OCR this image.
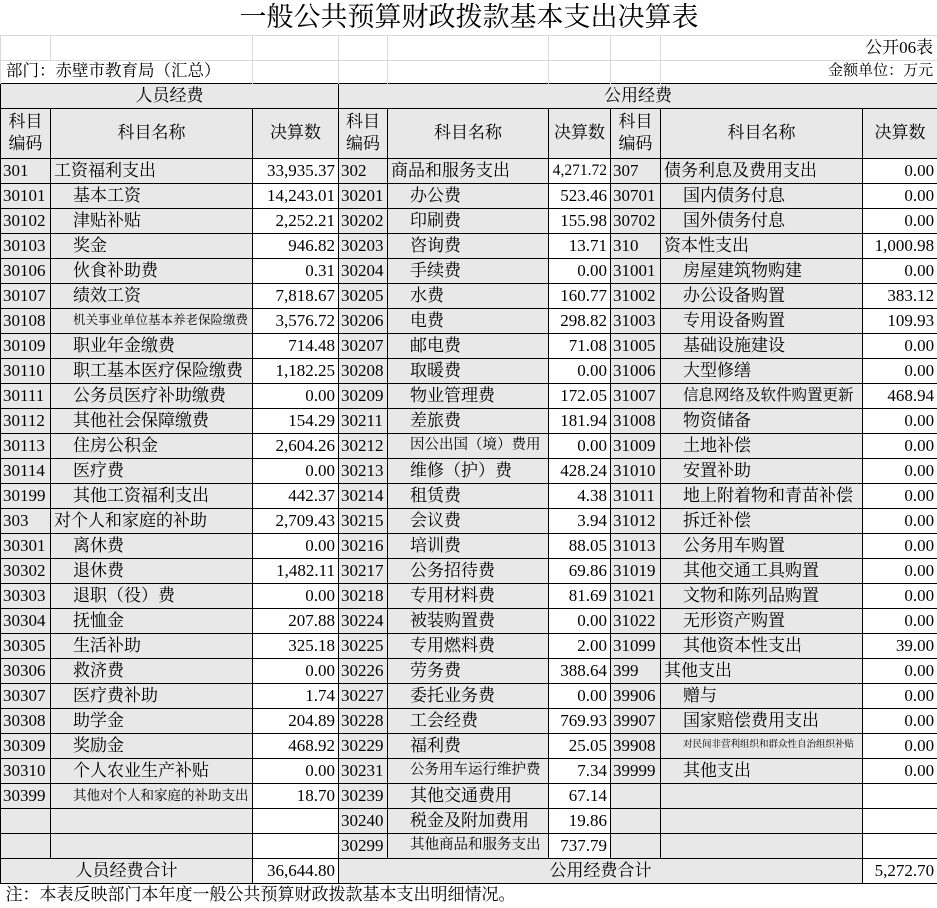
一般公共预算财政拨款基本支出决算表								
							公开06表	
部门：赤壁市教育局（汇总）							金额单位：万元	
人员经费			公用经费					

科目编码	科目名称	决算数	科目编码	科目名称	决算数	科目编码	科目名称	决算数
301	工资福利支出	33,935.37	302	商品和服务支出	4,271.72	307	债务利息及费用支出	0.00
30101	基本工资	14,243.01	30201	办公费	523.46	30701	国内债务付息	0.00
30102	津贴补贴	2,252.21	30202	印刷费	155.98	30702	国外债务付息	0.00
30103	奖金	946.82	30203	咨询费	13.71	310	资本性支出	1,000.98
30106	伙食补助费	0.31	30204	手续费	0.00	31001	房屋建筑物购建	0.00
30107	绩效工资	7,818.67	30205	水费	160.77	31002	办公设备购置	383.12
30108	机关事业单位基本养老保险缴费	3,576.72	30206	电费	298.82	31003	专用设备购置	109.93
30109	职业年金缴费	714.48	30207	邮电费	71.08	31005	基础设施建设	0.00
30110	职工基本医疗保险缴费	1,182.25	30208	取暖费	0.00	31006	大型修缮	0.00
30111	公务员医疗补助缴费	0.00	30209	物业管理费	172.05	31007	信息网络及软件购置更新	468.94
30112	其他社会保障缴费	154.29	30211	差旅费	181.94	31008	物资储备	0.00
30113	住房公积金	2,604.26	30212	因公出国（境）费用	0.00	31009	土地补偿	0.00
30114	医疗费	0.00	30213	维修（护）费	428.24	31010	安置补助	0.00
30199	其他工资福利支出	442.37	30214	租赁费	4.38	31011	地上附着物和青苗补偿	0.00
303	对个人和家庭的补助	2,709.43	30215	会议费	3.94	31012	拆迁补偿	0.00
30301	离休费	0.00	30216	培训费	88.05	31013	公务用车购置	0.00
30302	退休费	1,482.11	30217	公务招待费	69.86	31019	其他交通工具购置	0.00
30303	退职（役）费	0.00	30218	专用材料费	81.69	31021	文物和陈列品购置	0.00
30304	抚恤金	207.88	30224	被装购置费	0.00	31022	无形资产购置	0.00
30305	生活补助	325.18	30225	专用燃料费	2.00	31099	其他资本性支出	39.00
30306	救济费	0.00	30226	劳务费	388.64	399	其他支出	0.00
30307	医疗费补助	1.74	30227	委托业务费	0.00	39906	赠与	0.00
30308	助学金	204.89	30228	工会经费	769.93	39907	国家赔偿费用支出	0.00
30309	奖励金	468.92	30229	福利费	25.05	39908	对民间非营利组织和群众性自治组织补贴	0.00
30310	个人农业生产补贴	0.00	30231	公务用车运行维护费	7.34	39999	其他支出	0.00
30399	其他对个人和家庭的补助支出	18.70	30239	其他交通费用	67.14			
			30240	税金及附加费用	19.86			
			30299	其他商品和服务支出	737.79			
人员经费合计		36,644.80	公用经费合计					5,272.70
注：本表反映部门本年度一般公共预算财政拨款基本支出明细情况。								
